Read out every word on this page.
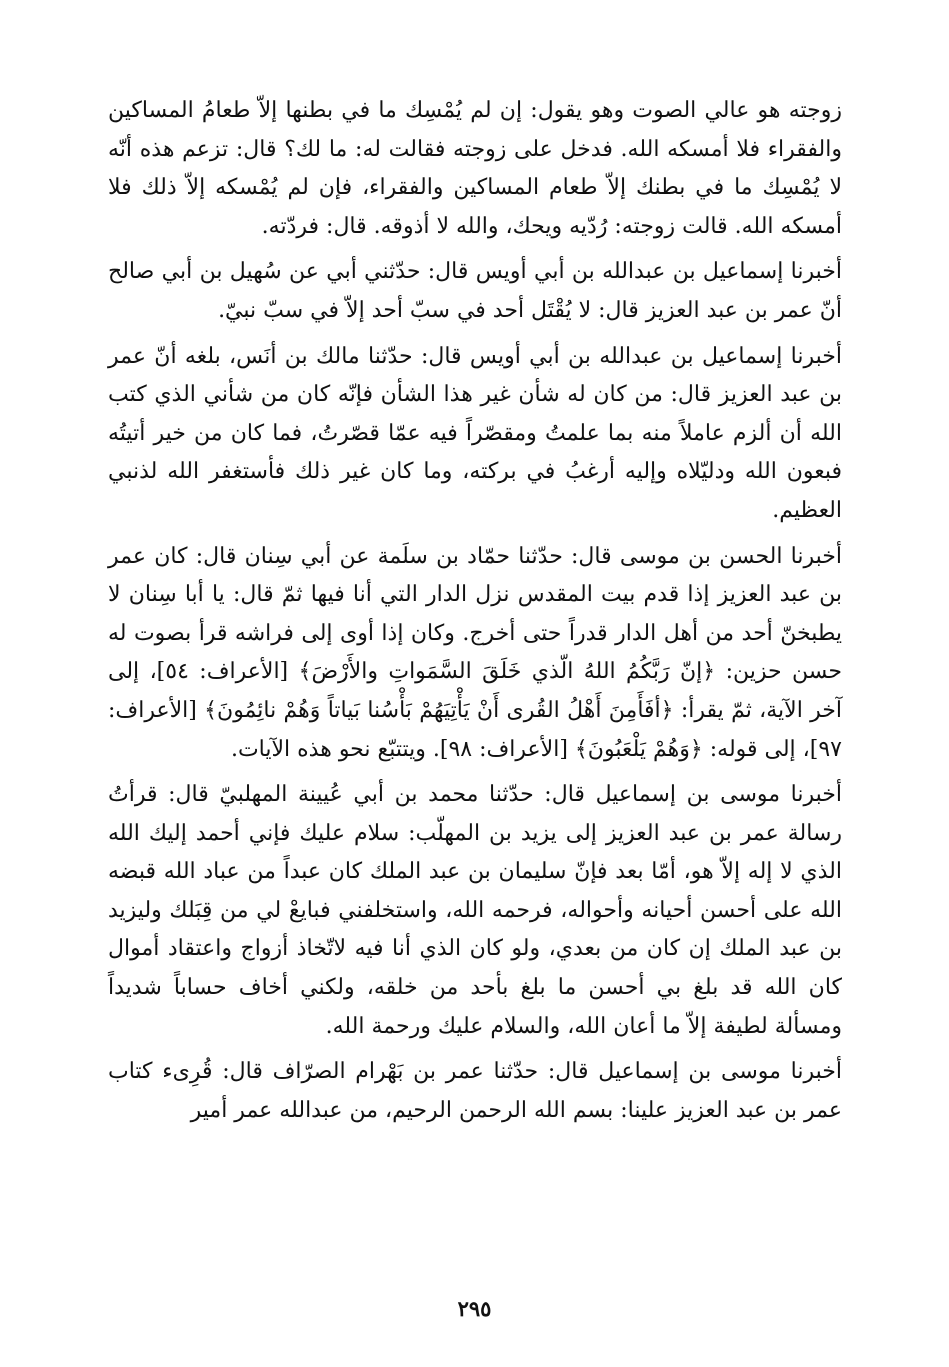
زوجته هو عالي الصوت وهو يقول: إن لم يُمْسِك ما في بطنها إلاّ طعامُ المساكين والفقراء فلا أمسكه الله. فدخل على زوجته فقالت له: ما لك؟ قال: تزعم هذه أنّه لا يُمْسِك ما في بطنك إلاّ طعام المساكين والفقراء، فإن لم يُمْسكه إلاّ ذلك فلا أمسكه الله. قالت زوجته: رُدّيه ويحك، والله لا أذوقه. قال: فردّته.

أخبرنا إسماعيل بن عبدالله بن أبي أويس قال: حدّثني أبي عن سُهيل بن أبي صالح أنّ عمر بن عبد العزيز قال: لا يُقْتَل أحد في سبّ أحد إلاّ في سبّ نبيّ.

أخبرنا إسماعيل بن عبدالله بن أبي أويس قال: حدّثنا مالك بن أنَس، بلغه أنّ عمر بن عبد العزيز قال: من كان له شأن غير هذا الشأن فإنّه كان من شأني الذي كتب الله أن ألزم عاملاً منه بما علمتُ ومقصّراً فيه عمّا قصّرتُ، فما كان من خير أتيتُه فبعون الله ودليّلاه وإليه أرغبُ في بركته، وما كان غير ذلك فأستغفر الله لذنبي العظيم.

أخبرنا الحسن بن موسى قال: حدّثنا حمّاد بن سلَمة عن أبي سِنان قال: كان عمر بن عبد العزيز إذا قدم بيت المقدس نزل الدار التي أنا فيها ثمّ قال: يا أبا سِنان لا يطبخنّ أحد من أهل الدار قدراً حتى أخرج. وكان إذا أوى إلى فراشه قرأ بصوت له حسن حزين: ﴿إنّ رَبَّكُمُ اللهُ الّذي خَلَقَ السَّمَواتِ والأَرْضَ﴾ [الأعراف: ٥٤]، إلى آخر الآية، ثمّ يقرأ: ﴿أفَأَمِنَ أَهْلُ القُرى أَنْ يَأْتِيَهُمْ بَأْسُنا بَياتاً وَهُمْ نائِمُونَ﴾ [الأعراف: ٩٧]، إلى قوله: ﴿وَهُمْ يَلْعَبُونَ﴾ [الأعراف: ٩٨]. ويتتبّع نحو هذه الآيات.

أخبرنا موسى بن إسماعيل قال: حدّثنا محمد بن أبي عُيينة المهلبيّ قال: قرأتُ رسالة عمر بن عبد العزيز إلى يزيد بن المهلّب: سلام عليك فإني أحمد إليك الله الذي لا إله إلاّ هو، أمّا بعد فإنّ سليمان بن عبد الملك كان عبداً من عباد الله قبضه الله على أحسن أحيانه وأحواله، فرحمه الله، واستخلفني فبايعْ لي من قِبَلك وليزيد بن عبد الملك إن كان من بعدي، ولو كان الذي أنا فيه لاتّخاذ أزواج واعتقاد أموال كان الله قد بلغ بي أحسن ما بلغ بأحد من خلقه، ولكني أخاف حساباً شديداً ومسألة لطيفة إلاّ ما أعان الله، والسلام عليك ورحمة الله.

أخبرنا موسى بن إسماعيل قال: حدّثنا عمر بن بَهْرام الصرّاف قال: قُرِىء كتاب عمر بن عبد العزيز علينا: بسم الله الرحمن الرحيم، من عبدالله عمر أمير

٢٩٥
